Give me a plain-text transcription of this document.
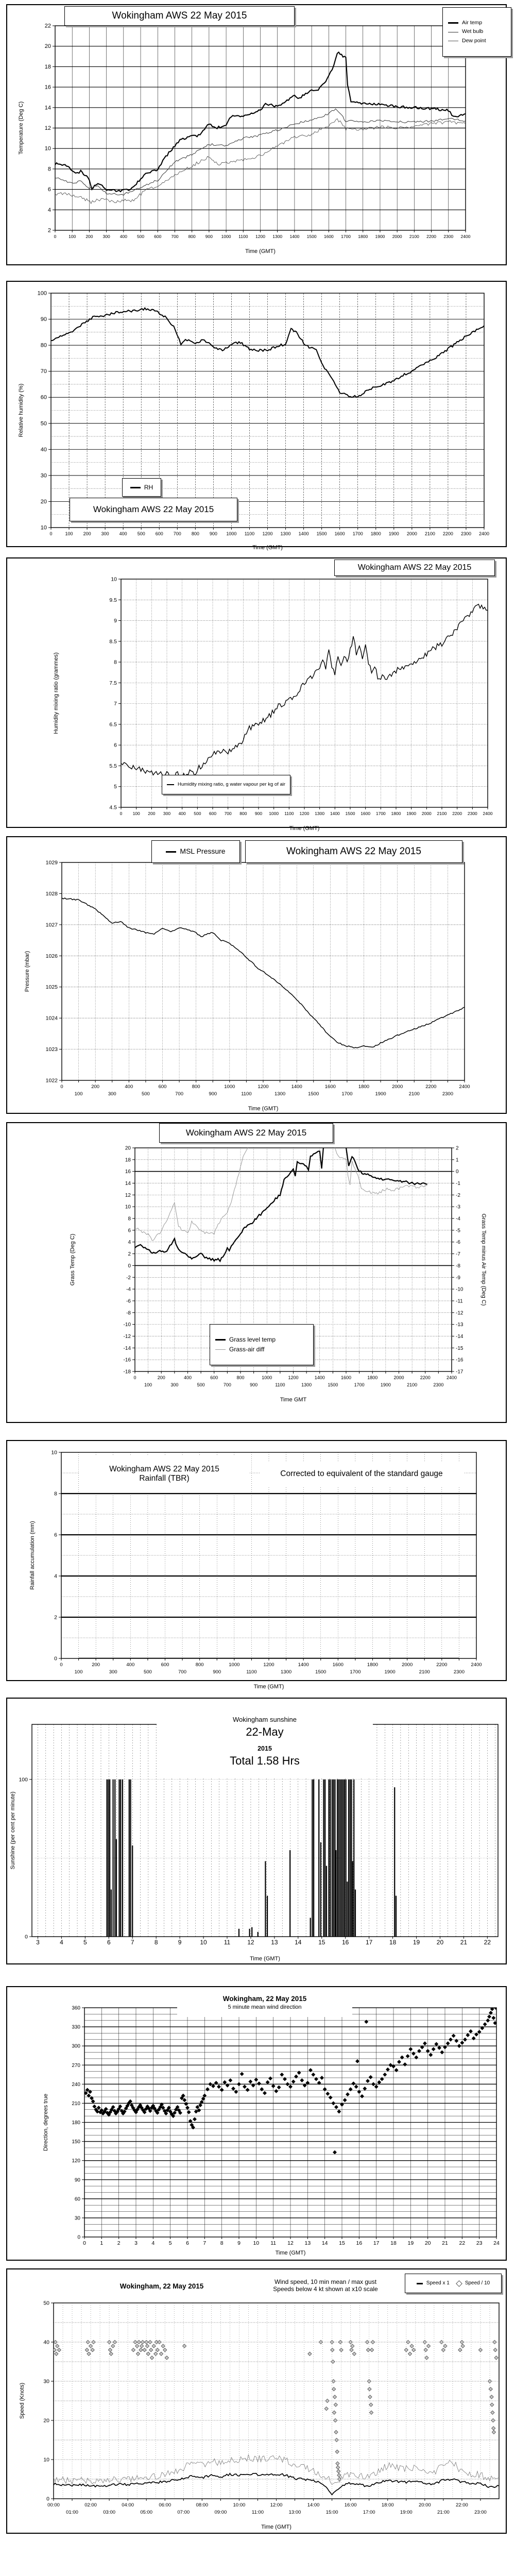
0	100 200 300 400 500 600 700 800 900 1000 1100 1200 1300 1400 1500 1600 1700 1800 1900 2000 2100 2200 2300 2400
2
4
6
8
10
12
14
16
18
20
22
Time (GMT)
Temperature (Deg C)
Wokingham AWS 22 May 2015
Air temp
Wet bulb
Dew point
0	100 200 300 400 500 600 700 800 900 1000 1100 1200 1300 1400 1500 1600 1700 1800 1900 2000 2100 2200 2300 2400
10
20
30
40
50
60
70
80
90
100
Time (GMT)
Relative humidity (%)
RH
Wokingham AWS 22 May 2015
0 100 200 300 400 500 600 700 800 900 1000 1100 1200 1300 1400 1500 1600 1700 1800 1900 2000 2100 2200 2300 2400
4.5
5
5.5
6
6.5
7
7.5
8
8.5
9
9.5
10
Time (GMT)
Humidity mixing ratio (grammes)
Wokingham AWS 22 May 2015
Humidity mixing ratio, g water vapour per kg of air
0
100
200
300
400
500
600
700
800
900
1000
1100
1200
1300
1400
1500
1600
1700
1800
1900
2000
2100
2200
2300
2400
1022
1023
1024
1025
1026
1027
1028
1029
Time (GMT)
Pressure (mbar)
MSL Pressure	Wokingham AWS 22 May 2015
0
100
200
300
400
500
600
700
800
900
1000
1100
1200
1300
1400
1500
1600
1700
1800
1900
2000
2100
2200
2300
2400
-18
-16
-14
-12
-10
-8
-6
-4
-2
0
2
4
6
8
10
12
14
16
18
20
-17
-16
-15
-14
-13
-12
-11
-10
-9
-8
-7
-6
-5
-4
-3
-2
-1
0
1
2
Time GMT
Grass Temp (Deg C)	Grass Temp minus Air Temp (Deg C)
Wokingham AWS 22 May 2015
Grass level temp
Grass-air diff
0
100
200
300
400
500
600
700
800
900
1000
1100
1200
1300
1400
1500
1600
1700
1800
1900
2000
2100
2200
2300
2400
0
2
4
6
8
10
Time (GMT)
Rainfall accumulation (mm)
Wokingham AWS 22 May 2015
Rainfall (TBR)
Corrected to equivalent of the standard gauge
3	4	5	6	7	8	9	10	11	12	13	14	15	16	17	18	19	20	21	22
0
100
Time (GMT)
Sunshine (per cent per minute)
Wokingham sunshine
22-May
2015
Total 1.58 Hrs
0	1	2	3	4	5	6	7	8	9 10 11 12 13 14 15 16 17 18 19 20 21 22 23 24
0
30
60
90
120
150
180
210
240
270
300
330
360
Time (GMT)
Direction, degrees true
Wokingham, 22 May 2015
5 minute mean wind direction
00:00
01:00
02:00
03:00
04:00
05:00
06:00
07:00
08:00
09:00
10:00
11:00
12:00
13:00
14:00
15:00
16:00
17:00
18:00
19:00
20:00
21:00
22:00
23:00
0
10
20
30
40
50
Time (GMT)
Speed (Knots)
Wokingham, 22 May 2015
Wind speed, 10 min mean / max gust
Speeds below 4 kt shown at x10 scale
Speed x 1	Speed / 10
